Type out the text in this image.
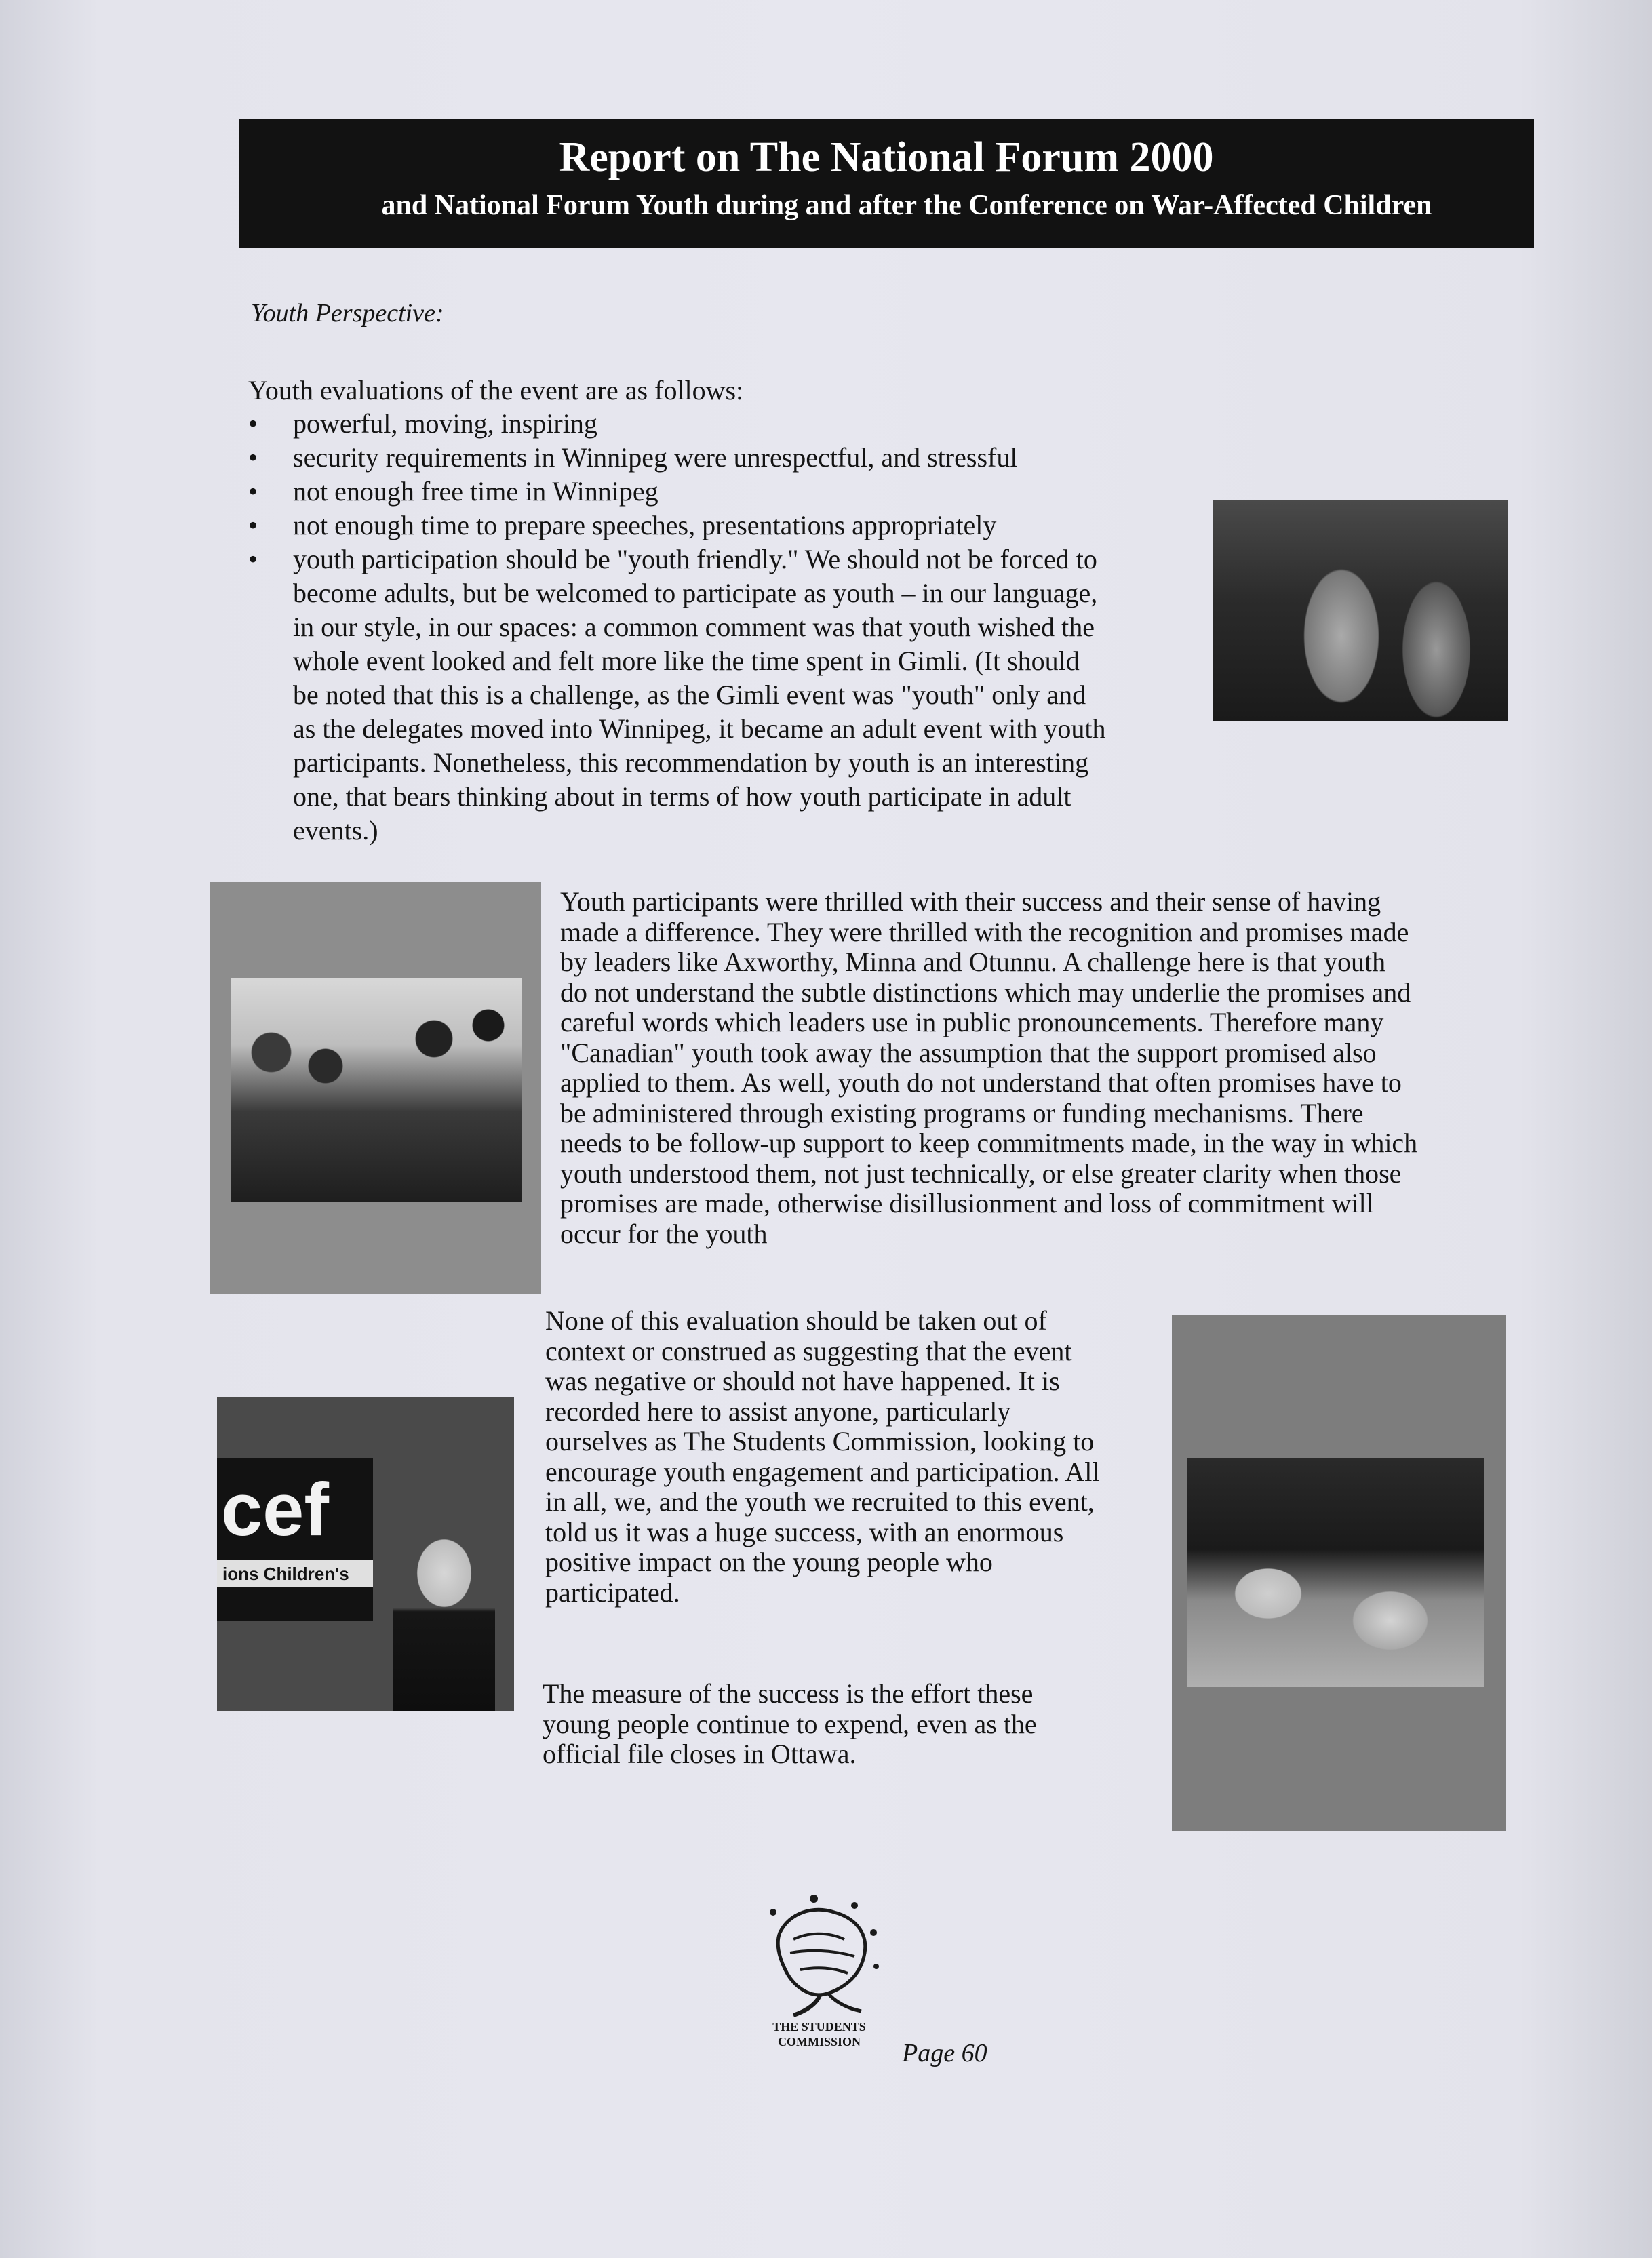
Report on The National Forum 2000
and National Forum Youth during and after the Conference on War-Affected Children
Youth Perspective:
Youth evaluations of the event are as follows:
•	powerful, moving, inspiring
•	security requirements in Winnipeg were unrespectful, and stressful
•	not enough free time in Winnipeg
•	not enough time to prepare speeches, presentations appropriately
•	youth participation should be "youth friendly." We should not be forced to
become adults, but be welcomed to participate as youth – in our language,
in our style, in our spaces: a common comment was that youth wished the
whole event looked and felt more like the time spent in Gimli. (It should
be noted that this is a challenge, as the Gimli event was "youth" only and
as the delegates moved into Winnipeg, it became an adult event with youth
participants. Nonetheless, this recommendation by youth is an interesting
one, that bears thinking about in terms of how youth participate in adult
events.)
Youth participants were thrilled with their success and their sense of having
made a difference. They were thrilled with the recognition and promises made
by leaders like Axworthy, Minna and Otunnu. A challenge here is that youth
do not understand the subtle distinctions which may underlie the promises and
careful words which leaders use in public pronouncements. Therefore many
"Canadian" youth took away the assumption that the support promised also
applied to them. As well, youth do not understand that often promises have to
be administered through existing programs or funding mechanisms. There
needs to be follow-up support to keep commitments made, in the way in which
youth understood them, not just technically, or else greater clarity when those
promises are made, otherwise disillusionment and loss of commitment will
occur for the youth
None of this evaluation should be taken out of
context or construed as suggesting that the event
was negative or should not have happened. It is
recorded here to assist anyone, particularly
ourselves as The Students Commission, looking to
encourage youth engagement and participation. All
in all, we, and the youth we recruited to this event,
told us it was a huge success, with an enormous
positive impact on the young people who
participated.
cef
ions Children's
The measure of the success is the effort these
young people continue to expend, even as the
official file closes in Ottawa.
THE STUDENTS
COMMISSION	Page 60
